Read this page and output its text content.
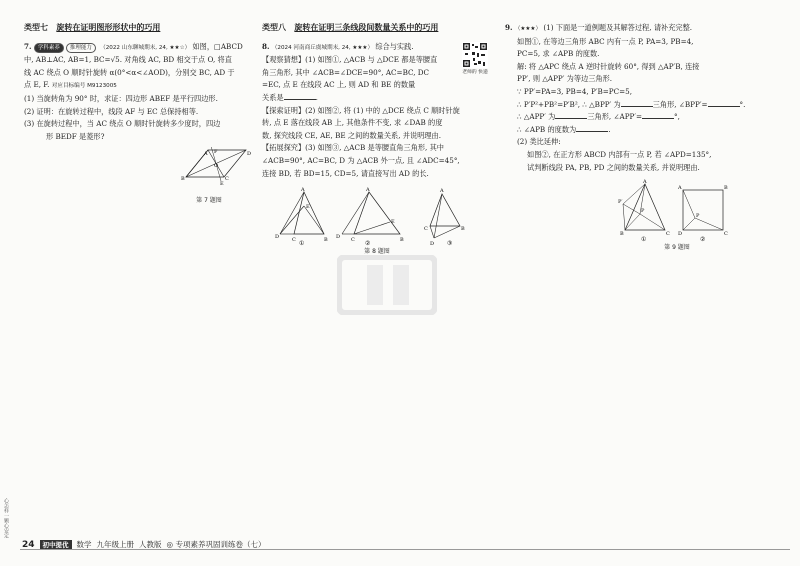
类型七 旋转在证明图形形状中的巧用
7. 学科素养 推理能力 （2022 山东聊城期末, 24, ★★☆） 如图，□ABCD
中, AB⊥AC, AB=1, BC=√5. 对角线 AC, BD 相交于点 O, 将直
线 AC 绕点 O 顺时针旋转 α(0°<α<∠AOD)，分别交 BC, AD 于
点 E, F. 对应目标编号 M9123005
(1) 当旋转角为 90° 时，求证：四边形 ABEF 是平行四边形.
(2) 证明：在旋转过程中，线段 AF 与 EC 总保持相等.
(3) 在旋转过程中，当 AC 绕点 O 顺时针旋转多少度时，四边
形 BEDF 是菱形?
A F	D
B
E
C
O
第 7 题图
类型八 旋转在证明三条线段间数量关系中的巧用
8. （2024 河南商丘虞城期末, 24, ★★★） 综合与实践.
【观察猜想】(1) 如图①, △ACB 与 △DCE 都是等腰直
角三角形, 其中 ∠ACB=∠DCE=90°, AC=BC, DC
=EC, 点 E 在线段 AC 上, 则 AD 和 BE 的数量
关系是	.
【探索证明】(2) 如图②, 将 (1) 中的 △DCE 绕点 C 顺时针旋
转, 点 E 落在线段 AB 上, 其他条件不变, 求 ∠DAB 的度
数, 探究线段 CE, AE, BE 之间的数量关系, 并说明理由.
【拓展探究】(3) 如图③, △ACB 是等腰直角三角形, 其中
∠ACB=90°, AC=BC, D 为 △ACB 外一点, 且 ∠ADC=45°,
连接 BD, 若 BD=15, CD=5, 请直接写出 AD 的长.
A
E
D	C	B
A
E
D C	B
A
C	B
D
①	②	③
第 8 题图
老师的 快递
9. （★★★） (1) 下面是一道例题及其解答过程, 请补充完整.
如图①, 在等边三角形 ABC 内有一点 P, PA=3, PB=4,
PC=5, 求 ∠APB 的度数.
解: 将 △APC 绕点 A 逆时针旋转 60°, 得到 △AP′B, 连接
PP′, 则 △APP′ 为等边三角形.
∵ PP′=PA=3, PB=4, P′B=PC=5,
∴ P′P²+PB²=P′B², ∴ △BPP′ 为	三角形, ∠BPP′=	°.
∴ △APP′ 为	三角形, ∠APP′=	°,
∴ ∠APB 的度数为	.
(2) 类比延伸:
如图②, 在正方形 ABCD 内部有一点 P, 若 ∠APD=135°,
试判断线段 PA, PB, PD 之间的数量关系, 并说明理由.
A
P′
P
B	C
A	B
D	C
P
①	②
第 9 题图
心怎样一颗心安定
24	初中提优	数学 九年级上册 人教版 ◎ 专项素养巩固训练卷（七）
